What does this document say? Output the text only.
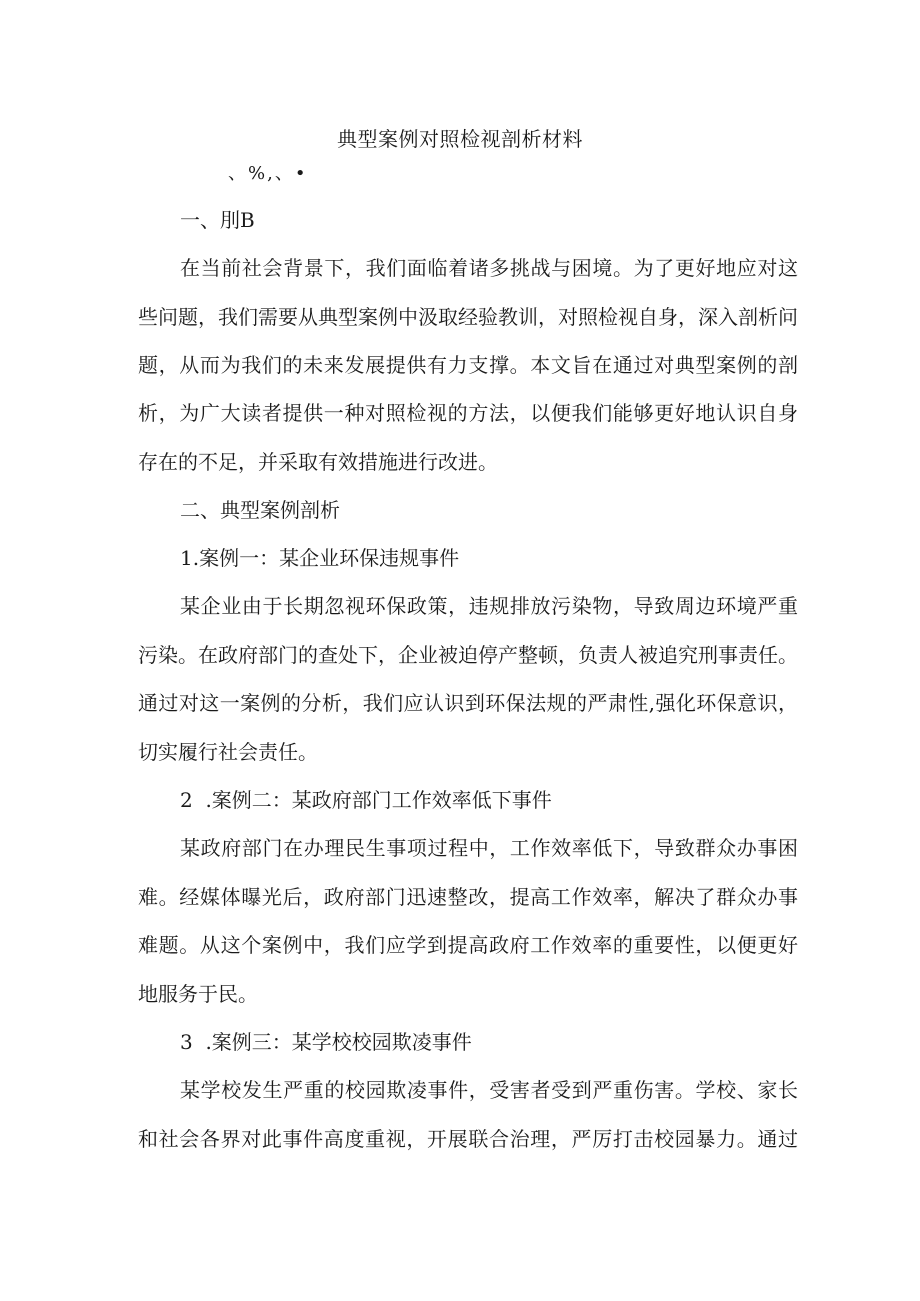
典型案例对照检视剖析材料
、%,、•
一、刖B
在当前社会背景下，我们面临着诸多挑战与困境。为了更好地应对这
些问题，我们需要从典型案例中汲取经验教训，对照检视自身，深入剖析问
题，从而为我们的未来发展提供有力支撑。本文旨在通过对典型案例的剖
析，为广大读者提供一种对照检视的方法，以便我们能够更好地认识自身
存在的不足，并采取有效措施进行改进。
二、典型案例剖析
1.案例一：某企业环保违规事件
某企业由于长期忽视环保政策，违规排放污染物，导致周边环境严重
污染。在政府部门的查处下，企业被迫停产整顿，负责人被追究刑事责任。
通过对这一案例的分析，我们应认识到环保法规的严肃性,强化环保意识，
切实履行社会责任。
2  .案例二：某政府部门工作效率低下事件
某政府部门在办理民生事项过程中，工作效率低下，导致群众办事困
难。经媒体曝光后，政府部门迅速整改，提高工作效率，解决了群众办事
难题。从这个案例中，我们应学到提高政府工作效率的重要性，以便更好
地服务于民。
3  .案例三：某学校校园欺凌事件
某学校发生严重的校园欺凌事件，受害者受到严重伤害。学校、家长
和社会各界对此事件高度重视，开展联合治理，严厉打击校园暴力。通过
